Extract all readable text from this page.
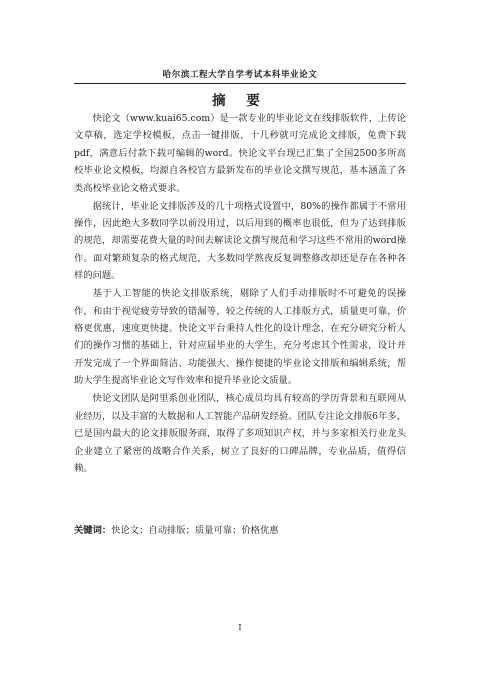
哈尔滨工程大学自学考试本科毕业论文
摘 要

快论文（www.kuai65.com）是一款专业的毕业论文在线排版软件，上传论文草稿，选定学校模板，点击一键排版，十几秒就可完成论文排版，免费下载pdf，满意后付款下载可编辑的word。快论文平台现已汇集了全国2500多所高校毕业论文模板，均源自各校官方最新发布的毕业论文撰写规范，基本涵盖了各类高校毕业论文格式要求。

据统计，毕业论文排版涉及的几十项格式设置中，80%的操作都属于不常用操作，因此绝大多数同学以前没用过，以后用到的概率也很低，但为了达到排版的规范，却需要花费大量的时间去解读论文撰写规范和学习这些不常用的word操作。面对繁琐复杂的格式规范，大多数同学熬夜反复调整修改却还是存在各种各样的问题。

基于人工智能的快论文排版系统，剔除了人们手动排版时不可避免的误操作，和由于视觉疲劳导致的错漏等，较之传统的人工排版方式，质量更可靠，价格更优惠，速度更快捷。快论文平台秉持人性化的设计理念，在充分研究分析人们的操作习惯的基础上，针对应届毕业的大学生，充分考虑其个性需求，设计并开发完成了一个界面简洁、功能强大、操作便捷的毕业论文排版和编辑系统，帮助大学生提高毕业论文写作效率和提升毕业论文质量。

快论文团队是阿里系创业团队，核心成员均具有较高的学历背景和互联网从业经历，以及丰富的大数据和人工智能产品研发经验。团队专注论文排版6年多，已是国内最大的论文排版服务商，取得了多项知识产权，并与多家相关行业龙头企业建立了紧密的战略合作关系，树立了良好的口碑品牌，专业品质，值得信赖。

关键词：快论文；自动排版；质量可靠；价格优惠
I
